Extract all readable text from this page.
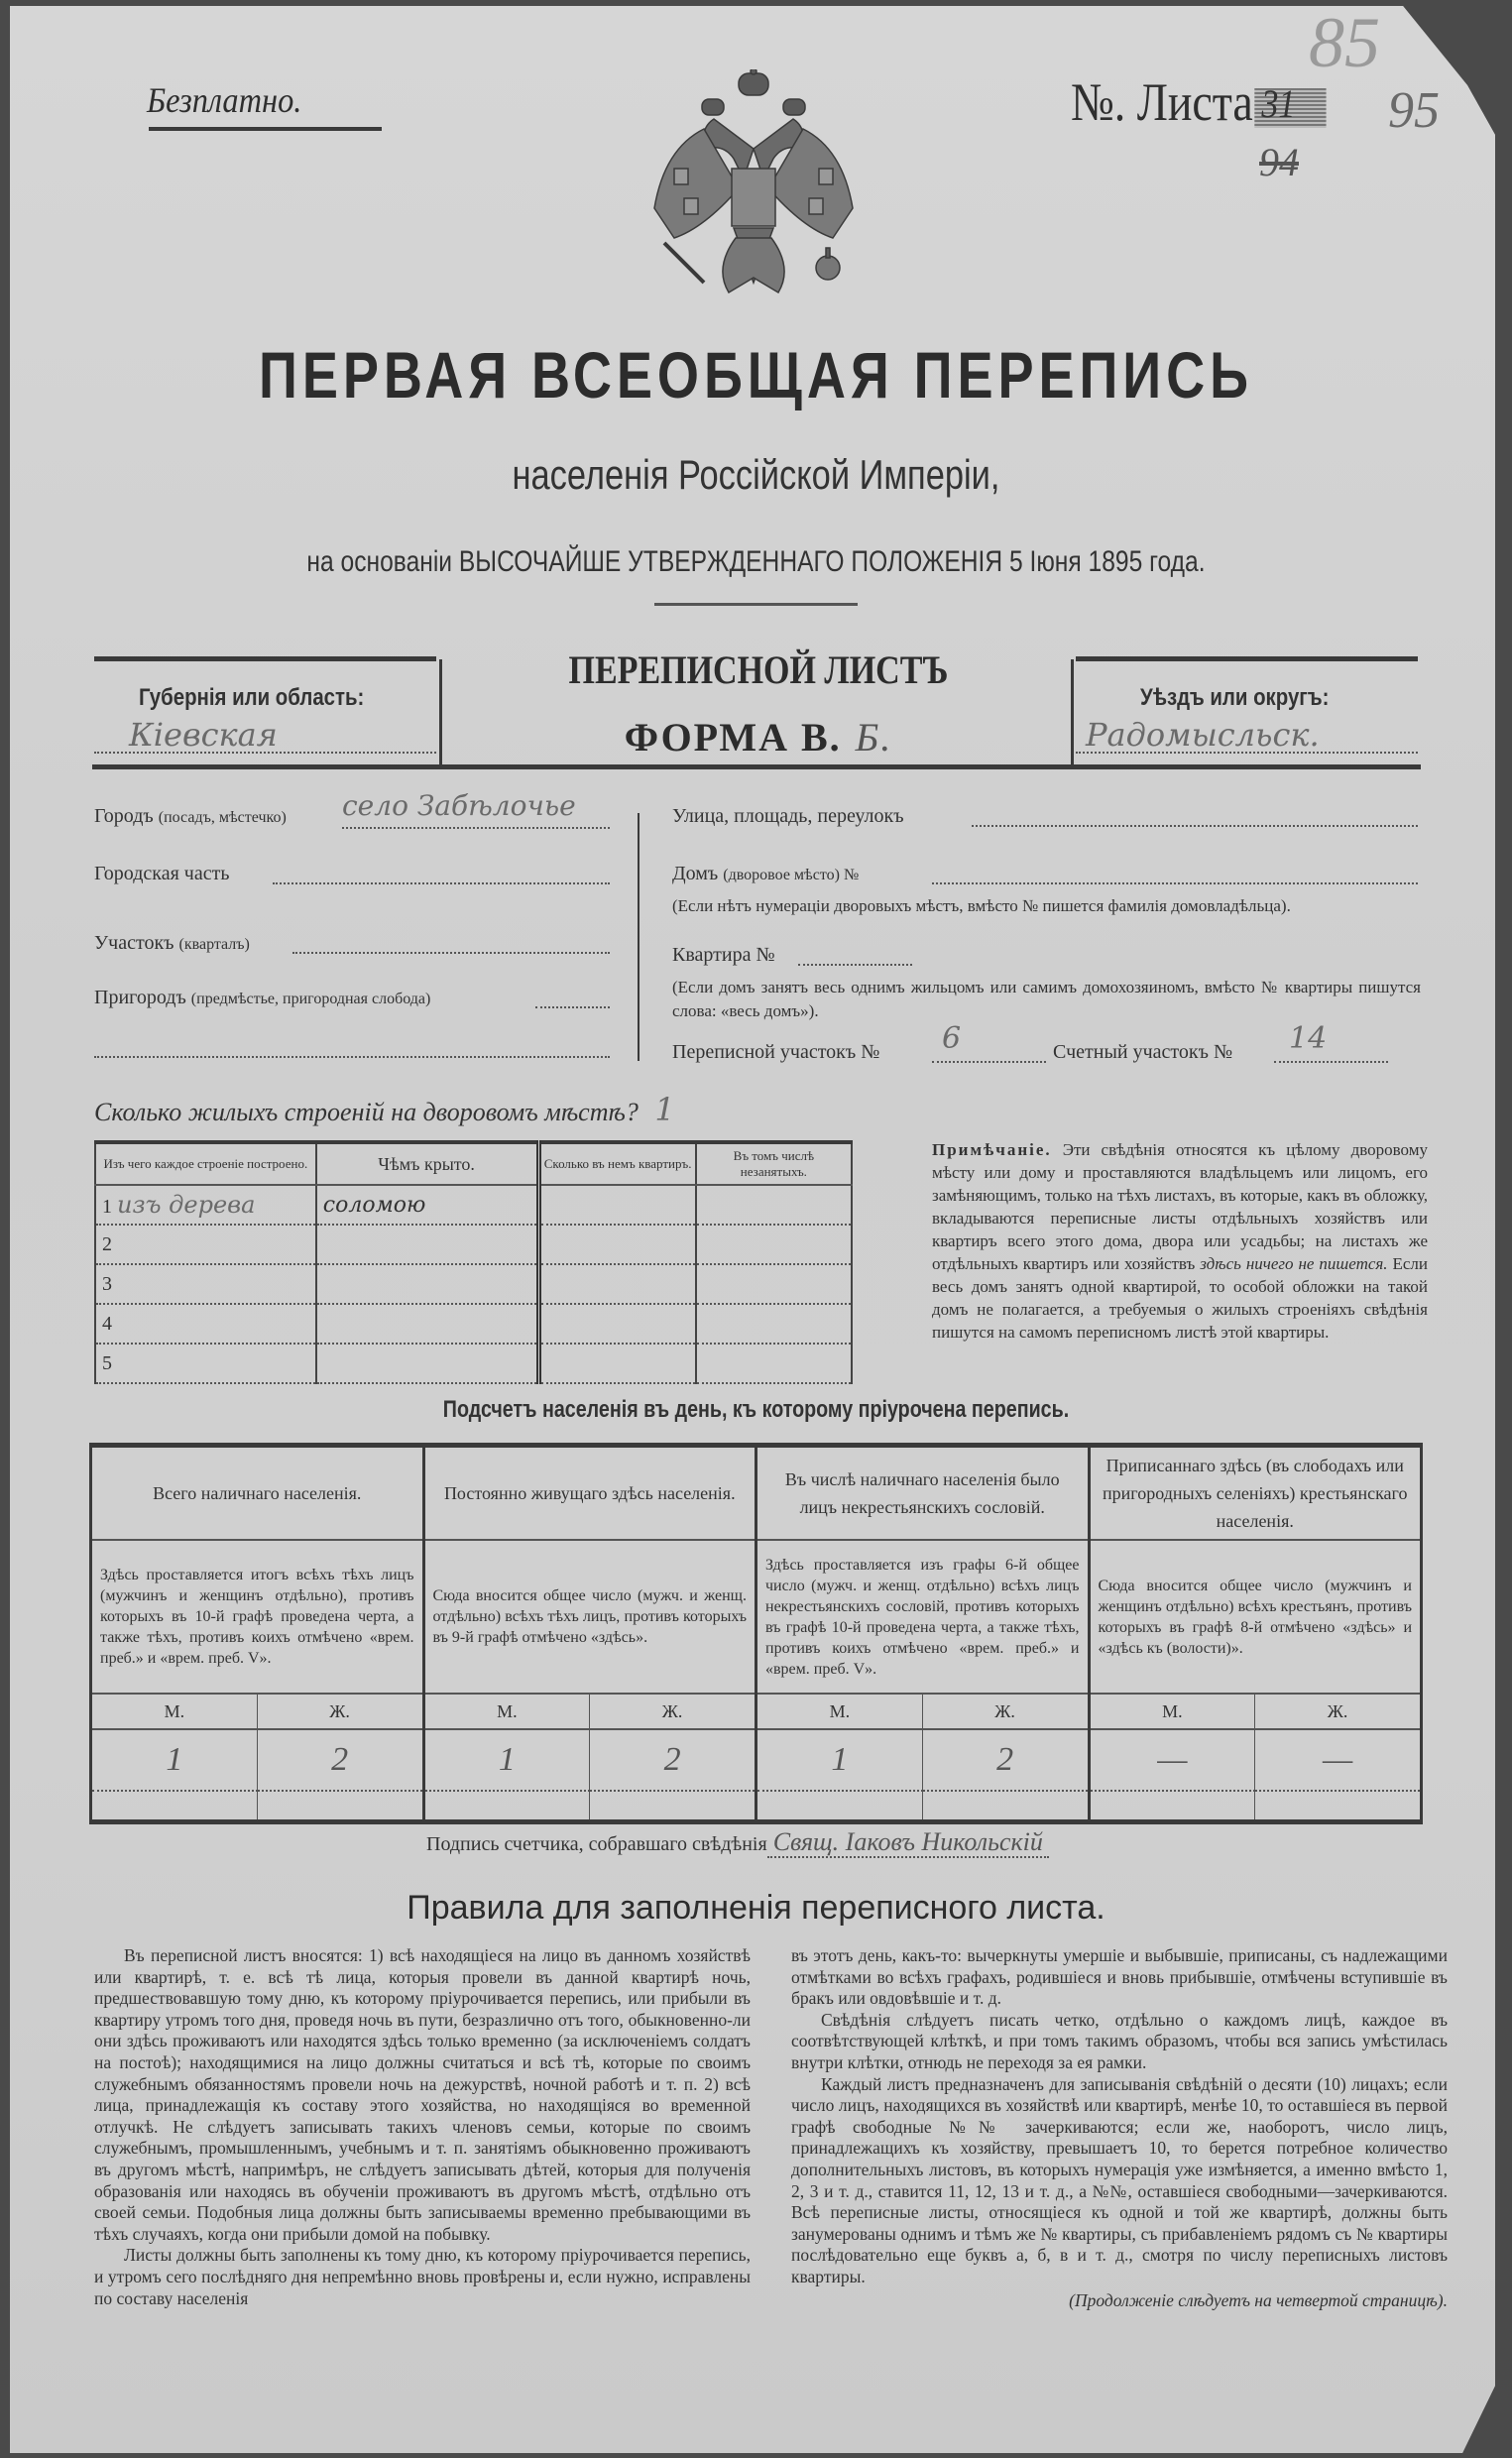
Безплатно.
85
№. Листа 31 95
94
ПЕРВАЯ ВСЕОБЩАЯ ПЕРЕПИСЬ
населенія Россійской Имперіи,
на основаніи ВЫСОЧАЙШЕ УТВЕРЖДЕННАГО ПОЛОЖЕНІЯ 5 Іюня 1895 года.
Губернія или область:
Кіевская
ПЕРЕПИСНОЙ ЛИСТЪ
ФОРМА В. Б.
Уѣздъ или округъ:
Радомысльск.
Городъ (посадъ, мѣстечко) село Забѣлочье
Городская часть
Участокъ (кварталъ)
Пригородъ (предмѣстье, пригородная слобода)
Улица, площадь, переулокъ
Домъ (дворовое мѣсто) №
(Если нѣтъ нумераціи дворовыхъ мѣстъ, вмѣсто № пишется фамилія домовладѣльца).
Квартира №
(Если домъ занятъ весь однимъ жильцомъ или самимъ домохозяиномъ, вмѣсто № квартиры пишутся слова: «весь домъ»).
Переписной участокъ № 6	Счетный участокъ № 14
Сколько жилыхъ строеній на дворовомъ мѣстѣ? 1
Изъ чего каждое строеніе построено.	Чѣмъ крыто.	Сколько въ немъ квартиръ.	Въ томъ числѣ незанятыхъ.
1 изъ дерева	соломою		
2			
3			
4			
5			
Примѣчаніе. Эти свѣдѣнія относятся къ цѣлому дворовому мѣсту или дому и проставляются владѣльцемъ или лицомъ, его замѣняющимъ, только на тѣхъ листахъ, въ которые, какъ въ обложку, вкладываются переписные листы отдѣльныхъ хозяйствъ или квартиръ всего этого дома, двора или усадьбы; на листахъ же отдѣльныхъ квартиръ или хозяйствъ здѣсь ничего не пишется. Если весь домъ занятъ одной квартирой, то особой обложки на такой домъ не полагается, а требуемыя о жилыхъ строеніяхъ свѣдѣнія пишутся на самомъ переписномъ листѣ этой квартиры.
Подсчетъ населенія въ день, къ которому пріурочена перепись.
Всего наличнаго населенія.		Постоянно живущаго здѣсь населенія.		Въ числѣ наличнаго населенія было лицъ некрестьянскихъ сословій.		Приписаннаго здѣсь (въ слободахъ или пригородныхъ селеніяхъ) крестьянскаго населенія.	
Здѣсь проставляется итогъ всѣхъ тѣхъ лицъ (мужчинъ и женщинъ отдѣльно), противъ которыхъ въ 10-й графѣ проведена черта, а также тѣхъ, противъ коихъ отмѣчено «врем. преб.» и «врем. преб. V».		Сюда вносится общее число (мужч. и женщ. отдѣльно) всѣхъ тѣхъ лицъ, противъ которыхъ въ 9-й графѣ отмѣчено «здѣсь».		Здѣсь проставляется изъ графы 6-й общее число (мужч. и женщ. отдѣльно) всѣхъ лицъ некрестьянскихъ сословій, противъ которыхъ въ графѣ 10-й проведена черта, а также тѣхъ, противъ коихъ отмѣчено «врем. преб.» и «врем. преб. V».		Сюда вносится общее число (мужчинъ и женщинъ отдѣльно) всѣхъ крестьянъ, противъ которыхъ въ графѣ 8-й отмѣчено «здѣсь» и «здѣсь къ (волости)».	
М.	Ж.	М.	Ж.	М.	Ж.	М.	Ж.
1	2	1	2	1	2	—	—

Подпись счетчика, собравшаго свѣдѣнія Свящ. Іаковъ Никольскій
Правила для заполненія переписного листа.

Въ переписной листъ вносятся: 1) всѣ находящіеся на лицо въ данномъ хозяйствѣ или квартирѣ, т. е. всѣ тѣ лица, которыя провели въ данной квартирѣ ночь, предшествовавшую тому дню, къ которому пріурочивается перепись, или прибыли въ квартиру утромъ того дня, проведя ночь въ пути, безразлично отъ того, обыкновенно-ли они здѣсь проживаютъ или находятся здѣсь только временно (за исключеніемъ солдатъ на постоѣ); находящимися на лицо должны считаться и всѣ тѣ, которые по своимъ служебнымъ обязанностямъ провели ночь на дежурствѣ, ночной работѣ и т. п. 2) всѣ лица, принадлежащія къ составу этого хозяйства, но находящіяся во временной отлучкѣ. Не слѣдуетъ записывать такихъ членовъ семьи, которые по своимъ служебнымъ, промышленнымъ, учебнымъ и т. п. занятіямъ обыкновенно проживаютъ въ другомъ мѣстѣ, напримѣръ, не слѣдуетъ записывать дѣтей, которыя для полученія образованія или находясь въ обученіи проживаютъ въ другомъ мѣстѣ, отдѣльно отъ своей семьи. Подобныя лица должны быть записываемы временно пребывающими въ тѣхъ случаяхъ, когда они прибыли домой на побывку.

Листы должны быть заполнены къ тому дню, къ которому пріурочивается перепись, и утромъ сего послѣдняго дня непремѣнно вновь провѣрены и, если нужно, исправлены по составу населенія

въ этотъ день, какъ-то: вычеркнуты умершіе и выбывшіе, приписаны, съ надлежащими отмѣтками во всѣхъ графахъ, родившіеся и вновь прибывшіе, отмѣчены вступившіе въ бракъ или овдовѣвшіе и т. д.

Свѣдѣнія слѣдуетъ писать четко, отдѣльно о каждомъ лицѣ, каждое въ соотвѣтствующей клѣткѣ, и при томъ такимъ образомъ, чтобы вся запись умѣстилась внутри клѣтки, отнюдь не переходя за ея рамки.

Каждый листъ предназначенъ для записыванія свѣдѣній о десяти (10) лицахъ; если число лицъ, находящихся въ хозяйствѣ или квартирѣ, менѣе 10, то оставшіеся въ первой графѣ свободные №№ зачеркиваются; если же, наоборотъ, число лицъ, принадлежащихъ къ хозяйству, превышаетъ 10, то берется потребное количество дополнительныхъ листовъ, въ которыхъ нумерація уже измѣняется, а именно вмѣсто 1, 2, 3 и т. д., ставится 11, 12, 13 и т. д., а №№, оставшіеся свободными—зачеркиваются. Всѣ переписные листы, относящіеся къ одной и той же квартирѣ, должны быть занумерованы однимъ и тѣмъ же № квартиры, съ прибавленіемъ рядомъ съ № квартиры послѣдовательно еще буквъ а, б, в и т. д., смотря по числу переписныхъ листовъ квартиры.

(Продолженіе слѣдуетъ на четвертой страницѣ).
